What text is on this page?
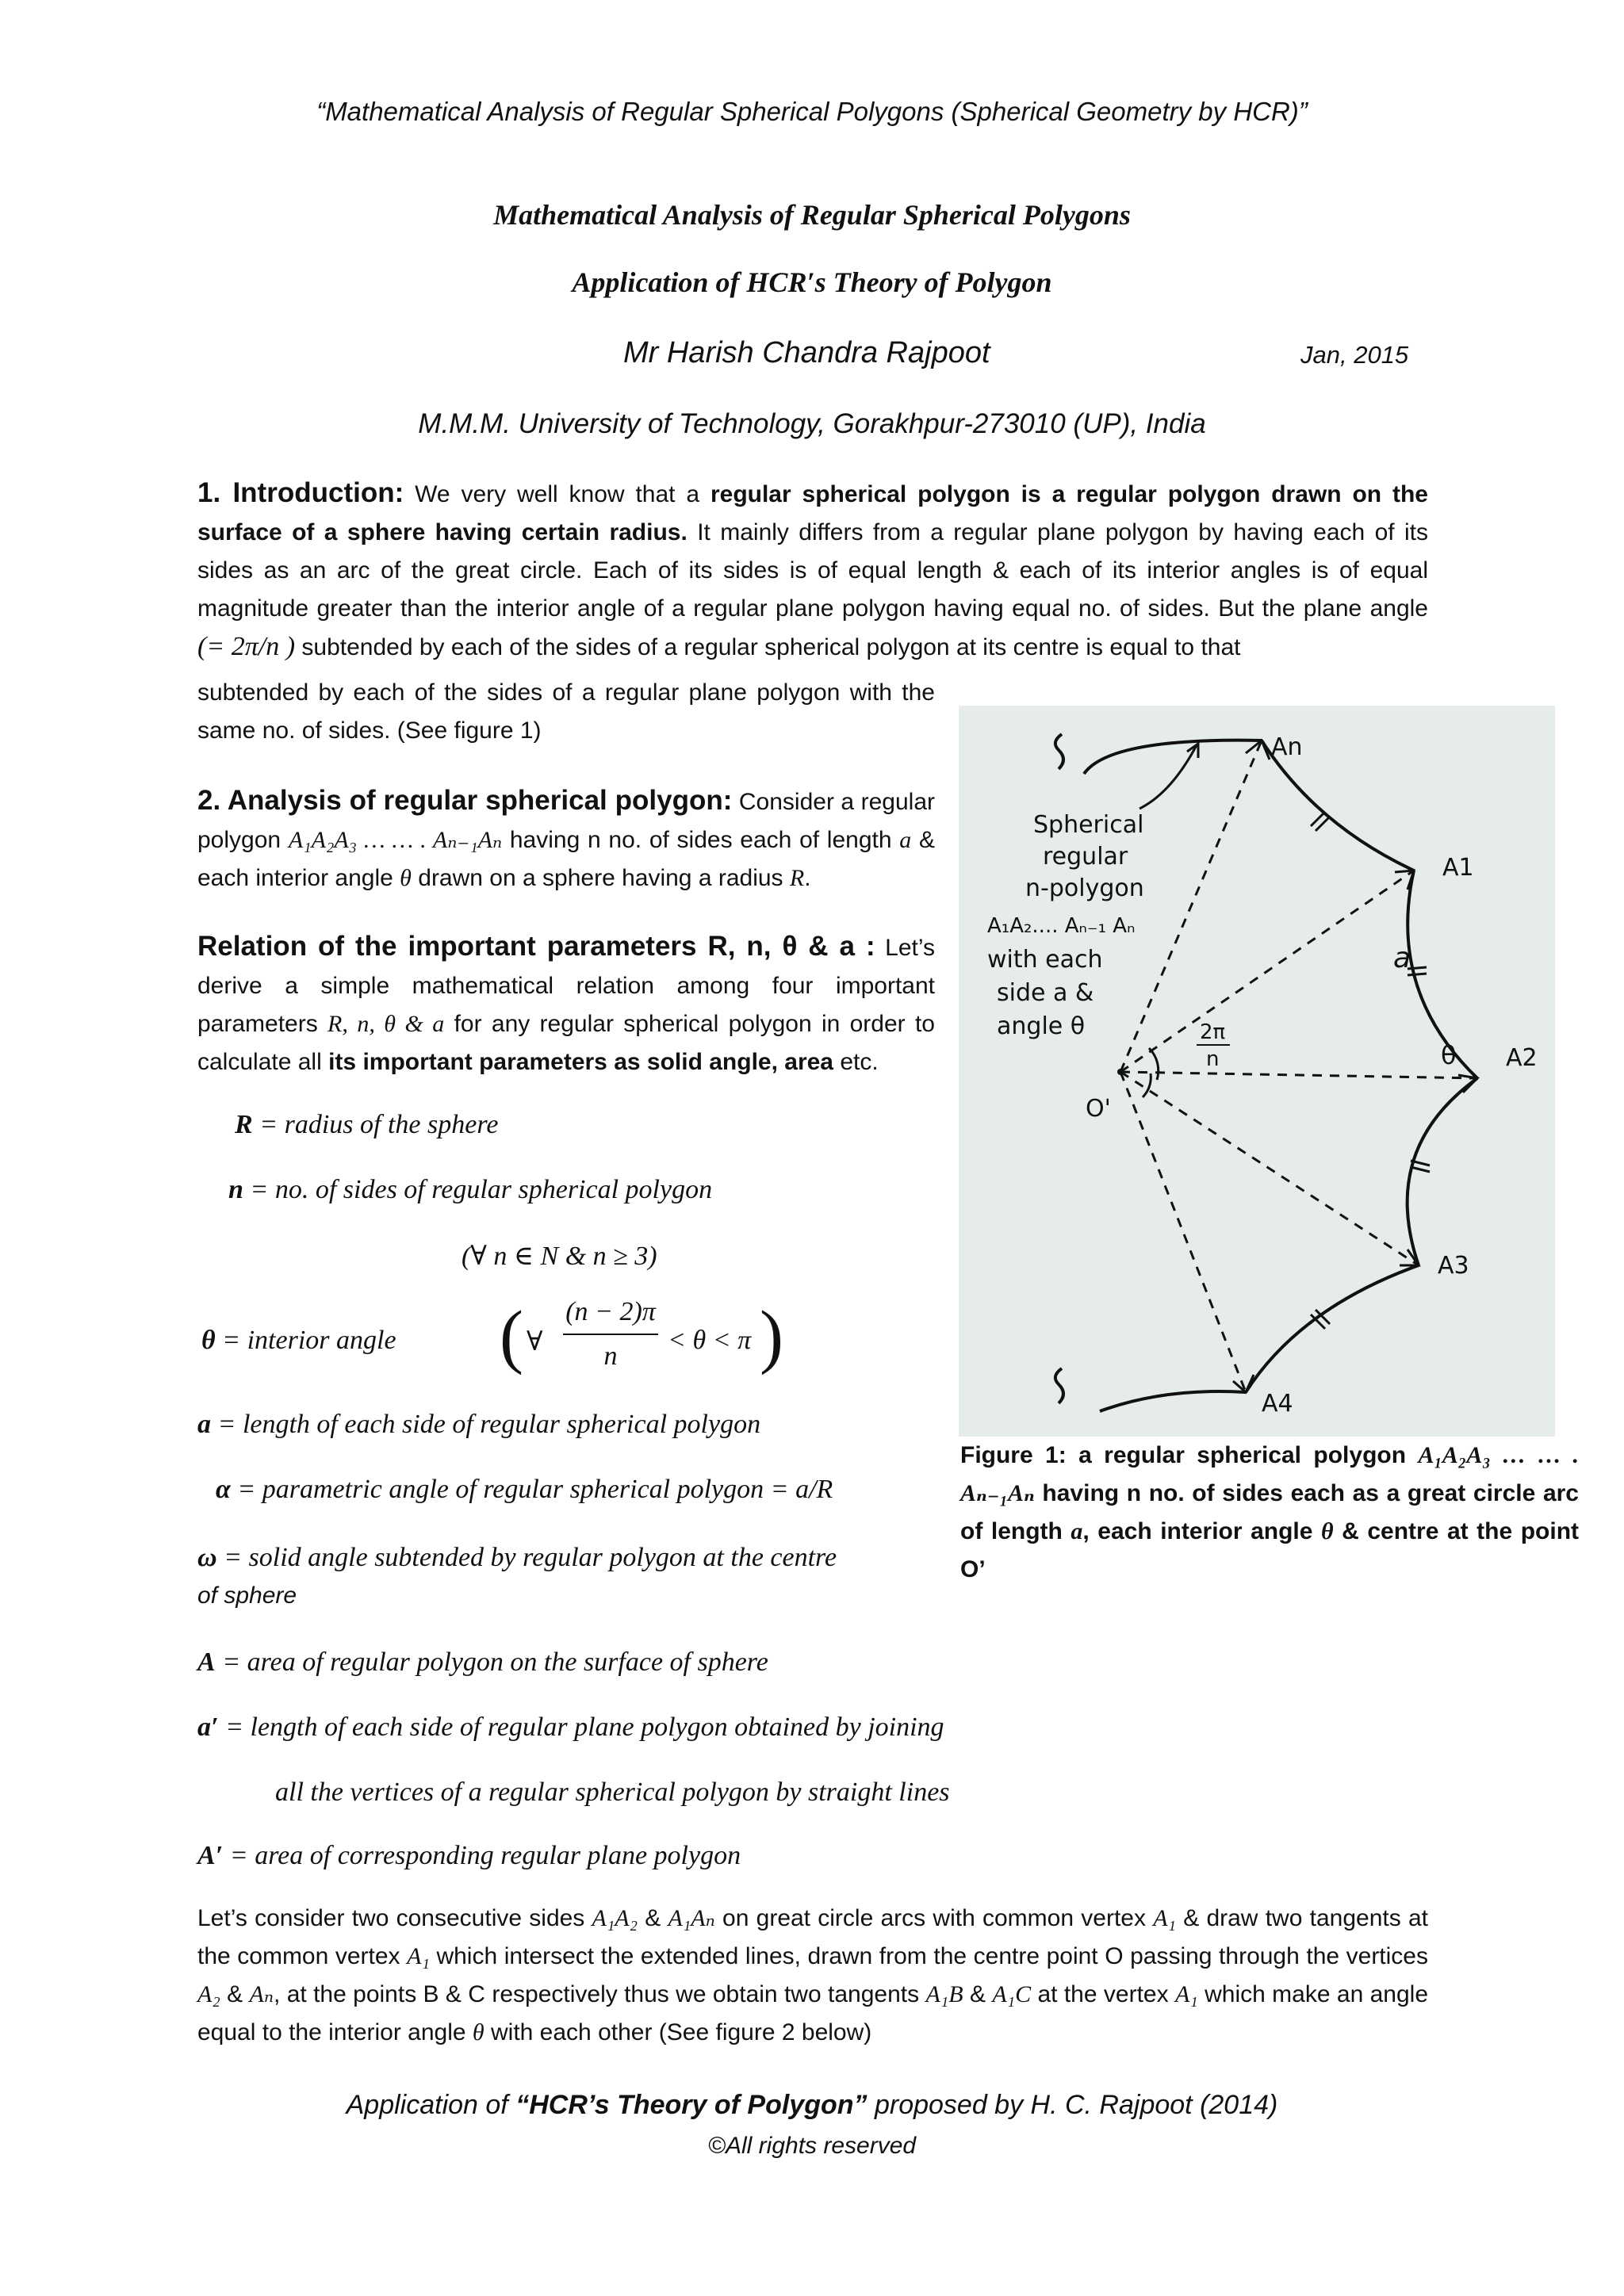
“Mathematical Analysis of Regular Spherical Polygons (Spherical Geometry by HCR)”
Mathematical Analysis of Regular Spherical Polygons
Application of HCR′s Theory of Polygon
Mr Harish Chandra Rajpoot	Jan, 2015
M.M.M. University of Technology, Gorakhpur-273010 (UP), India
1. Introduction: We very well know that a regular spherical polygon is a regular polygon drawn on the surface of a sphere having certain radius. It mainly differs from a regular plane polygon by having each of its sides as an arc of the great circle. Each of its sides is of equal length & each of its interior angles is of equal magnitude greater than the interior angle of a regular plane polygon having equal no. of sides. But the plane angle (= 2π/n ) subtended by each of the sides of a regular spherical polygon at its centre is equal to that
subtended by each of the sides of a regular plane polygon with the same no. of sides. (See figure 1)
2. Analysis of regular spherical polygon: Consider a regular polygon A₁A₂A₃ … … . Aₙ₋₁Aₙ having n no. of sides each of length a & each interior angle θ drawn on a sphere having a radius R.
Relation of the important parameters R, n, θ & a : Let’s derive a simple mathematical relation among four important parameters R, n, θ & a for any regular spherical polygon in order to calculate all its important parameters as solid angle, area etc.
R = radius of the sphere
n = no. of sides of regular spherical polygon
(∀ n ∈ N & n ≥ 3)
θ = interior angle ( ∀
(n − 2)π
n
< θ < π )
a = length of each side of regular spherical polygon
α = parametric angle of regular spherical polygon = a/R
ω = solid angle subtended by regular polygon at the centre
of sphere
A = area of regular polygon on the surface of sphere
a′ = length of each side of regular plane polygon obtained by joining
all the vertices of a regular spherical polygon by straight lines
A′ = area of corresponding regular plane polygon
An
A1
A2
A3
A4
O'
a
θ
2π
n
Spherical
regular
n-polygon
A₁A₂.... Aₙ₋₁ Aₙ
with each
side a &
angle θ
Figure 1: a regular spherical polygon A₁A₂A₃ … … . Aₙ₋₁Aₙ having n no. of sides each as a great circle arc of length a, each interior angle θ & centre at the point O’
Let’s consider two consecutive sides A₁A₂ & A₁Aₙ on great circle arcs with common vertex A₁ & draw two tangents at the common vertex A₁ which intersect the extended lines, drawn from the centre point O passing through the vertices A₂ & Aₙ, at the points B & C respectively thus we obtain two tangents A₁B & A₁C at the vertex A₁ which make an angle equal to the interior angle θ with each other (See figure 2 below)
Application of “HCR’s Theory of Polygon” proposed by H. C. Rajpoot (2014)
©All rights reserved
